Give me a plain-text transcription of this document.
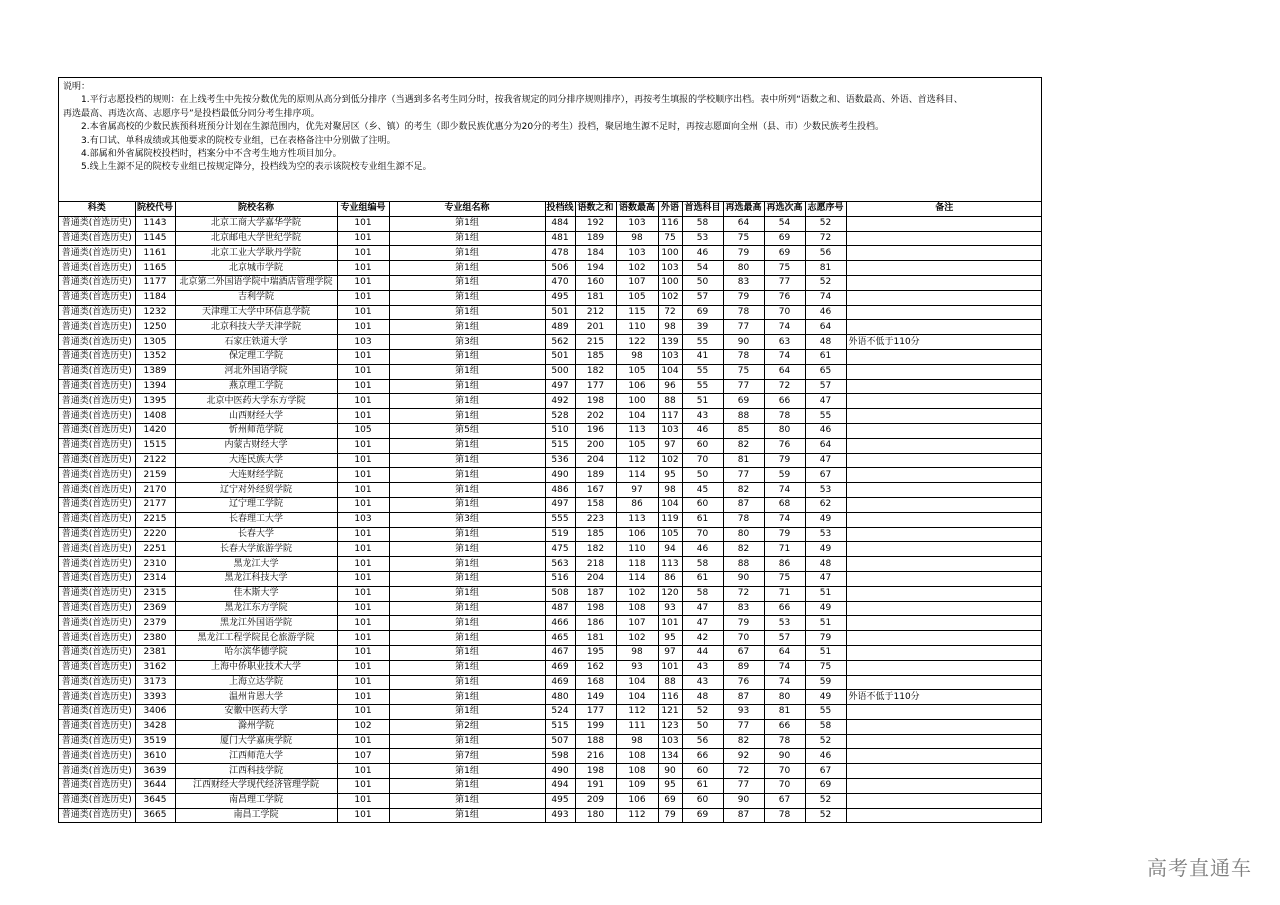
说明：
1.平行志愿投档的规则：在上线考生中先按分数优先的原则从高分到低分排序（当遇到多名考生同分时，按我省规定的同分排序规则排序），再按考生填报的学校顺序出档。表中所列“语数之和、语数最高、外语、首选科目、
再选最高、再选次高、志愿序号”是投档最低分同分考生排序项。
2.本省属高校的少数民族预科班预分计划在生源范围内，优先对聚居区（乡、镇）的考生（即少数民族优惠分为20分的考生）投档，聚居地生源不足时，再按志愿面向全州（县、市）少数民族考生投档。
3.有口试、单科成绩或其他要求的院校专业组，已在表格备注中分别做了注明。
4.部属和外省属院校投档时，档案分中不含考生地方性项目加分。
5.线上生源不足的院校专业组已按规定降分，投档线为空的表示该院校专业组生源不足。
科类	院校代号	院校名称	专业组编号	专业组名称	投档线	语数之和	语数最高	外语	首选科目	再选最高	再选次高	志愿序号	备注
普通类(首选历史)	1143	北京工商大学嘉华学院	101	第1组	484	192	103	116	58	64	54	52	
普通类(首选历史)	1145	北京邮电大学世纪学院	101	第1组	481	189	98	75	53	75	69	72	
普通类(首选历史)	1161	北京工业大学耿丹学院	101	第1组	478	184	103	100	46	79	69	56	
普通类(首选历史)	1165	北京城市学院	101	第1组	506	194	102	103	54	80	75	81	
普通类(首选历史)	1177	北京第二外国语学院中瑞酒店管理学院	101	第1组	470	160	107	100	50	83	77	52	
普通类(首选历史)	1184	吉利学院	101	第1组	495	181	105	102	57	79	76	74	
普通类(首选历史)	1232	天津理工大学中环信息学院	101	第1组	501	212	115	72	69	78	70	46	
普通类(首选历史)	1250	北京科技大学天津学院	101	第1组	489	201	110	98	39	77	74	64	
普通类(首选历史)	1305	石家庄铁道大学	103	第3组	562	215	122	139	55	90	63	48	外语不低于110分
普通类(首选历史)	1352	保定理工学院	101	第1组	501	185	98	103	41	78	74	61	
普通类(首选历史)	1389	河北外国语学院	101	第1组	500	182	105	104	55	75	64	65	
普通类(首选历史)	1394	燕京理工学院	101	第1组	497	177	106	96	55	77	72	57	
普通类(首选历史)	1395	北京中医药大学东方学院	101	第1组	492	198	100	88	51	69	66	47	
普通类(首选历史)	1408	山西财经大学	101	第1组	528	202	104	117	43	88	78	55	
普通类(首选历史)	1420	忻州师范学院	105	第5组	510	196	113	103	46	85	80	46	
普通类(首选历史)	1515	内蒙古财经大学	101	第1组	515	200	105	97	60	82	76	64	
普通类(首选历史)	2122	大连民族大学	101	第1组	536	204	112	102	70	81	79	47	
普通类(首选历史)	2159	大连财经学院	101	第1组	490	189	114	95	50	77	59	67	
普通类(首选历史)	2170	辽宁对外经贸学院	101	第1组	486	167	97	98	45	82	74	53	
普通类(首选历史)	2177	辽宁理工学院	101	第1组	497	158	86	104	60	87	68	62	
普通类(首选历史)	2215	长春理工大学	103	第3组	555	223	113	119	61	78	74	49	
普通类(首选历史)	2220	长春大学	101	第1组	519	185	106	105	70	80	79	53	
普通类(首选历史)	2251	长春大学旅游学院	101	第1组	475	182	110	94	46	82	71	49	
普通类(首选历史)	2310	黑龙江大学	101	第1组	563	218	118	113	58	88	86	48	
普通类(首选历史)	2314	黑龙江科技大学	101	第1组	516	204	114	86	61	90	75	47	
普通类(首选历史)	2315	佳木斯大学	101	第1组	508	187	102	120	58	72	71	51	
普通类(首选历史)	2369	黑龙江东方学院	101	第1组	487	198	108	93	47	83	66	49	
普通类(首选历史)	2379	黑龙江外国语学院	101	第1组	466	186	107	101	47	79	53	51	
普通类(首选历史)	2380	黑龙江工程学院昆仑旅游学院	101	第1组	465	181	102	95	42	70	57	79	
普通类(首选历史)	2381	哈尔滨华德学院	101	第1组	467	195	98	97	44	67	64	51	
普通类(首选历史)	3162	上海中侨职业技术大学	101	第1组	469	162	93	101	43	89	74	75	
普通类(首选历史)	3173	上海立达学院	101	第1组	469	168	104	88	43	76	74	59	
普通类(首选历史)	3393	温州肯恩大学	101	第1组	480	149	104	116	48	87	80	49	外语不低于110分
普通类(首选历史)	3406	安徽中医药大学	101	第1组	524	177	112	121	52	93	81	55	
普通类(首选历史)	3428	滁州学院	102	第2组	515	199	111	123	50	77	66	58	
普通类(首选历史)	3519	厦门大学嘉庚学院	101	第1组	507	188	98	103	56	82	78	52	
普通类(首选历史)	3610	江西师范大学	107	第7组	598	216	108	134	66	92	90	46	
普通类(首选历史)	3639	江西科技学院	101	第1组	490	198	108	90	60	72	70	67	
普通类(首选历史)	3644	江西财经大学现代经济管理学院	101	第1组	494	191	109	95	61	77	70	69	
普通类(首选历史)	3645	南昌理工学院	101	第1组	495	209	106	69	60	90	67	52	
普通类(首选历史)	3665	南昌工学院	101	第1组	493	180	112	79	69	87	78	52	
高考直通车
